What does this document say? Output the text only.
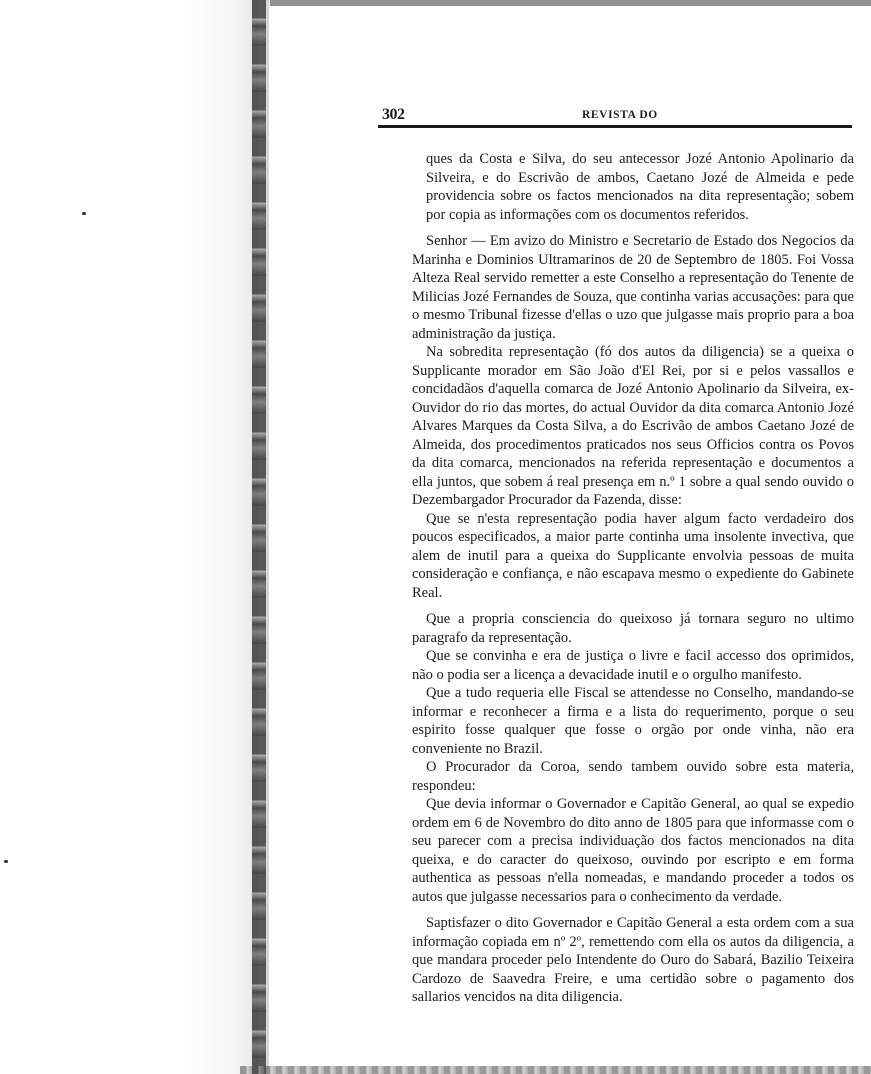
302	REVISTA DO

ques da Costa e Silva, do seu antecessor Jozé Antonio Apolinario da Silveira, e do Escrivão de ambos, Caetano Jozé de Almeida e pede providencia sobre os factos mencionados na dita representação; sobem por copia as informações com os documentos referidos.

Senhor — Em avizo do Ministro e Secretario de Estado dos Negocios da Marinha e Dominios Ultramarinos de 20 de Septembro de 1805. Foi Vossa Alteza Real servido remetter a este Conselho a representação do Tenente de Milicias Jozé Fernandes de Souza, que continha varias accusações: para que o mesmo Tribunal fizesse d'ellas o uzo que julgasse mais proprio para a boa administração da justiça.

Na sobredita representação (fó dos autos da diligencia) se a queixa o Supplicante morador em São João d'El Rei, por si e pelos vassallos e concidadãos d'aquella comarca de Jozé Antonio Apolinario da Silveira, ex-Ouvidor do rio das mortes, do actual Ouvidor da dita comarca Antonio Jozé Alvares Marques da Costa Silva, a do Escrivão de ambos Caetano Jozé de Almeida, dos procedimentos praticados nos seus Officios contra os Povos da dita comarca, mencionados na referida representação e documentos a ella juntos, que sobem á real presença em n.º 1 sobre a qual sendo ouvido o Dezembargador Procurador da Fazenda, disse:

Que se n'esta representação podia haver algum facto verdadeiro dos poucos especificados, a maior parte continha uma insolente invectiva, que alem de inutil para a queixa do Supplicante envolvia pessoas de muita consideração e confiança, e não escapava mesmo o expediente do Gabinete Real.

Que a propria consciencia do queixoso já tornara seguro no ultimo paragrafo da representação.

Que se convinha e era de justiça o livre e facil accesso dos oprimidos, não o podia ser a licença a devacidade inutil e o orgulho manifesto.

Que a tudo requeria elle Fiscal se attendesse no Conselho, mandando-se informar e reconhecer a firma e a lista do requerimento, porque o seu espirito fosse qualquer que fosse o orgão por onde vinha, não era conveniente no Brazil.

O Procurador da Coroa, sendo tambem ouvido sobre esta materia, respondeu:

Que devia informar o Governador e Capitão General, ao qual se expedio ordem em 6 de Novembro do dito anno de 1805 para que informasse com o seu parecer com a precisa individuação dos factos mencionados na dita queixa, e do caracter do queixoso, ouvindo por escripto e em forma authentica as pessoas n'ella nomeadas, e mandando proceder a todos os autos que julgasse necessarios para o conhecimento da verdade.

Saptisfazer o dito Governador e Capitão General a esta ordem com a sua informação copiada em nº 2º, remettendo com ella os autos da diligencia, a que mandara proceder pelo Intendente do Ouro do Sabará, Bazilio Teixeira Cardozo de Saavedra Freire, e uma certidão sobre o pagamento dos sallarios vencidos na dita diligencia.
